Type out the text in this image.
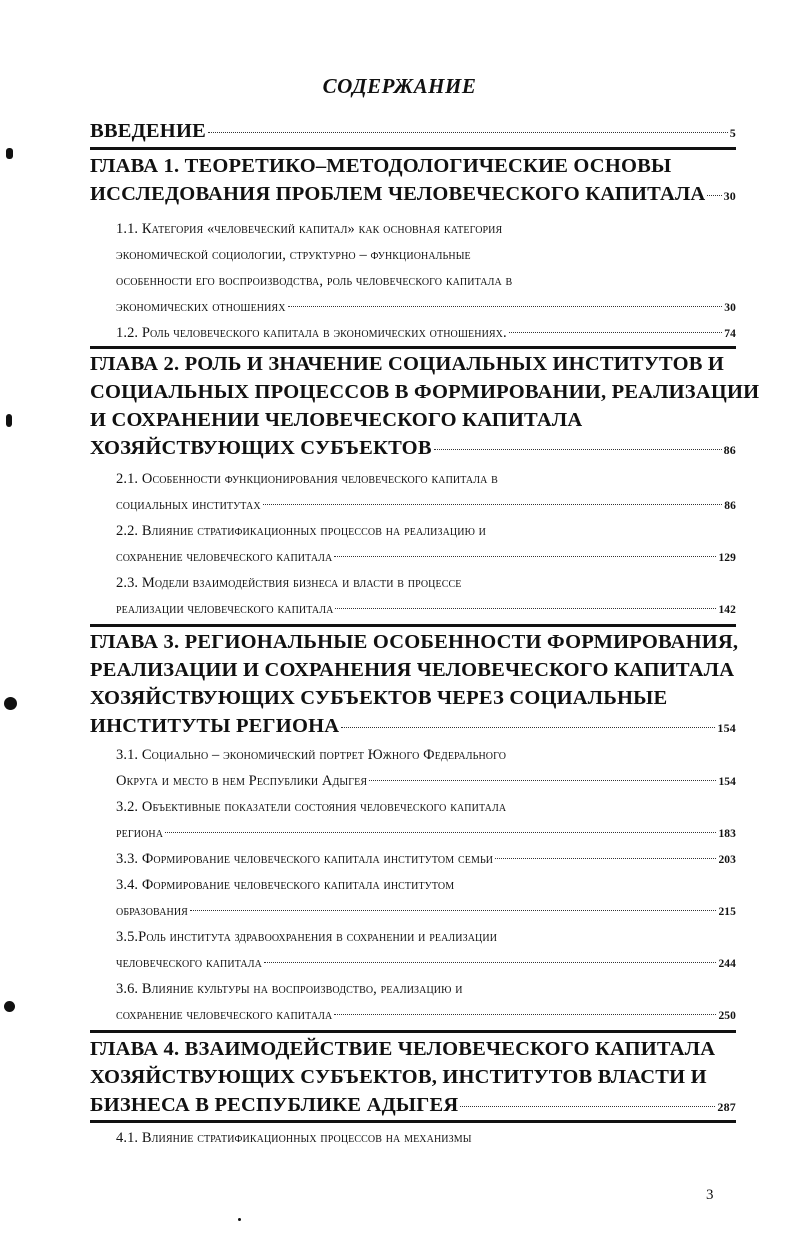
СОДЕРЖАНИЕ
ВВЕДЕНИЕ	5
ГЛАВА 1. ТЕОРЕТИКО–МЕТОДОЛОГИЧЕСКИЕ ОСНОВЫ
ИССЛЕДОВАНИЯ ПРОБЛЕМ ЧЕЛОВЕЧЕСКОГО КАПИТАЛА 30
1.1. Категория «человеческий капитал» как основная категория
экономической социологии, структурно – функциональные
особенности его воспроизводства, роль человеческого капитала в
экономических отношениях	30
1.2. Роль человеческого капитала в экономических отношениях.	74
ГЛАВА 2. РОЛЬ И ЗНАЧЕНИЕ СОЦИАЛЬНЫХ ИНСТИТУТОВ И
СОЦИАЛЬНЫХ ПРОЦЕССОВ В ФОРМИРОВАНИИ, РЕАЛИЗАЦИИ
И СОХРАНЕНИИ ЧЕЛОВЕЧЕСКОГО КАПИТАЛА
ХОЗЯЙСТВУЮЩИХ СУБЪЕКТОВ	86
2.1. Особенности функционирования человеческого капитала в
социальных институтах	86
2.2. Влияние стратификационных процессов на реализацию и
сохранение человеческого капитала	129
2.3. Модели взаимодействия бизнеса и власти в процессе
реализации человеческого капитала	142
ГЛАВА 3. РЕГИОНАЛЬНЫЕ ОСОБЕННОСТИ ФОРМИРОВАНИЯ,
РЕАЛИЗАЦИИ И СОХРАНЕНИЯ ЧЕЛОВЕЧЕСКОГО КАПИТАЛА
ХОЗЯЙСТВУЮЩИХ СУБЪЕКТОВ ЧЕРЕЗ СОЦИАЛЬНЫЕ
ИНСТИТУТЫ РЕГИОНА	154
3.1. Социально – экономический портрет Южного Федерального
Округа и место в нем Республики Адыгея	154
3.2. Объективные показатели состояния человеческого капитала
региона	183
3.3. Формирование человеческого капитала институтом семьи	203
3.4. Формирование человеческого капитала институтом
образования	215
3.5.Роль института здравоохранения в сохранении и реализации
человеческого капитала	244
3.6. Влияние культуры на воспроизводство, реализацию и
сохранение человеческого капитала	250
ГЛАВА 4. ВЗАИМОДЕЙСТВИЕ ЧЕЛОВЕЧЕСКОГО КАПИТАЛА
ХОЗЯЙСТВУЮЩИХ СУБЪЕКТОВ, ИНСТИТУТОВ ВЛАСТИ И
БИЗНЕСА В РЕСПУБЛИКЕ АДЫГЕЯ	287
4.1. Влияние стратификационных процессов на механизмы
3
